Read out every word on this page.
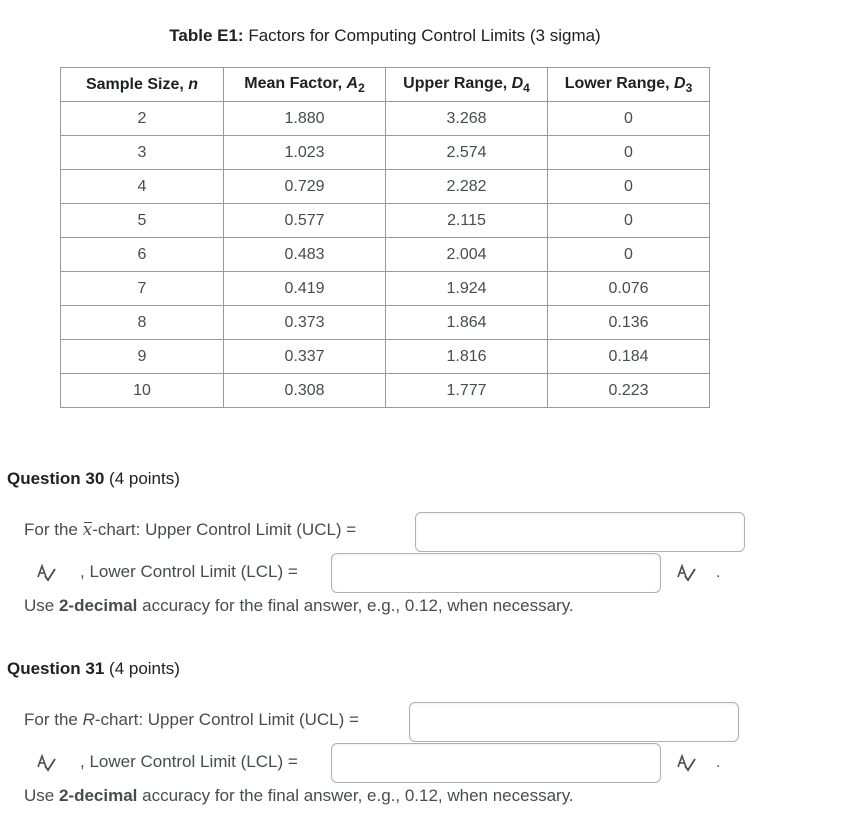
Table E1: Factors for Computing Control Limits (3 sigma)
Sample Size, n	Mean Factor, $A_2$	Upper Range, $D_4$	Lower Range, $D_3$
2	1.880	3.268	0
3	1.023	2.574	0
4	0.729	2.282	0
5	0.577	2.115	0
6	0.483	2.004	0
7	0.419	1.924	0.076
8	0.373	1.864	0.136
9	0.337	1.816	0.184
10	0.308	1.777	0.223
Question 30 (4 points)
For the x-chart: Upper Control Limit (UCL) =
, Lower Control Limit (LCL) =	.
Use 2-decimal accuracy for the final answer, e.g., 0.12, when necessary.
Question 31 (4 points)
For the R-chart: Upper Control Limit (UCL) =
, Lower Control Limit (LCL) =	.
Use 2-decimal accuracy for the final answer, e.g., 0.12, when necessary.
